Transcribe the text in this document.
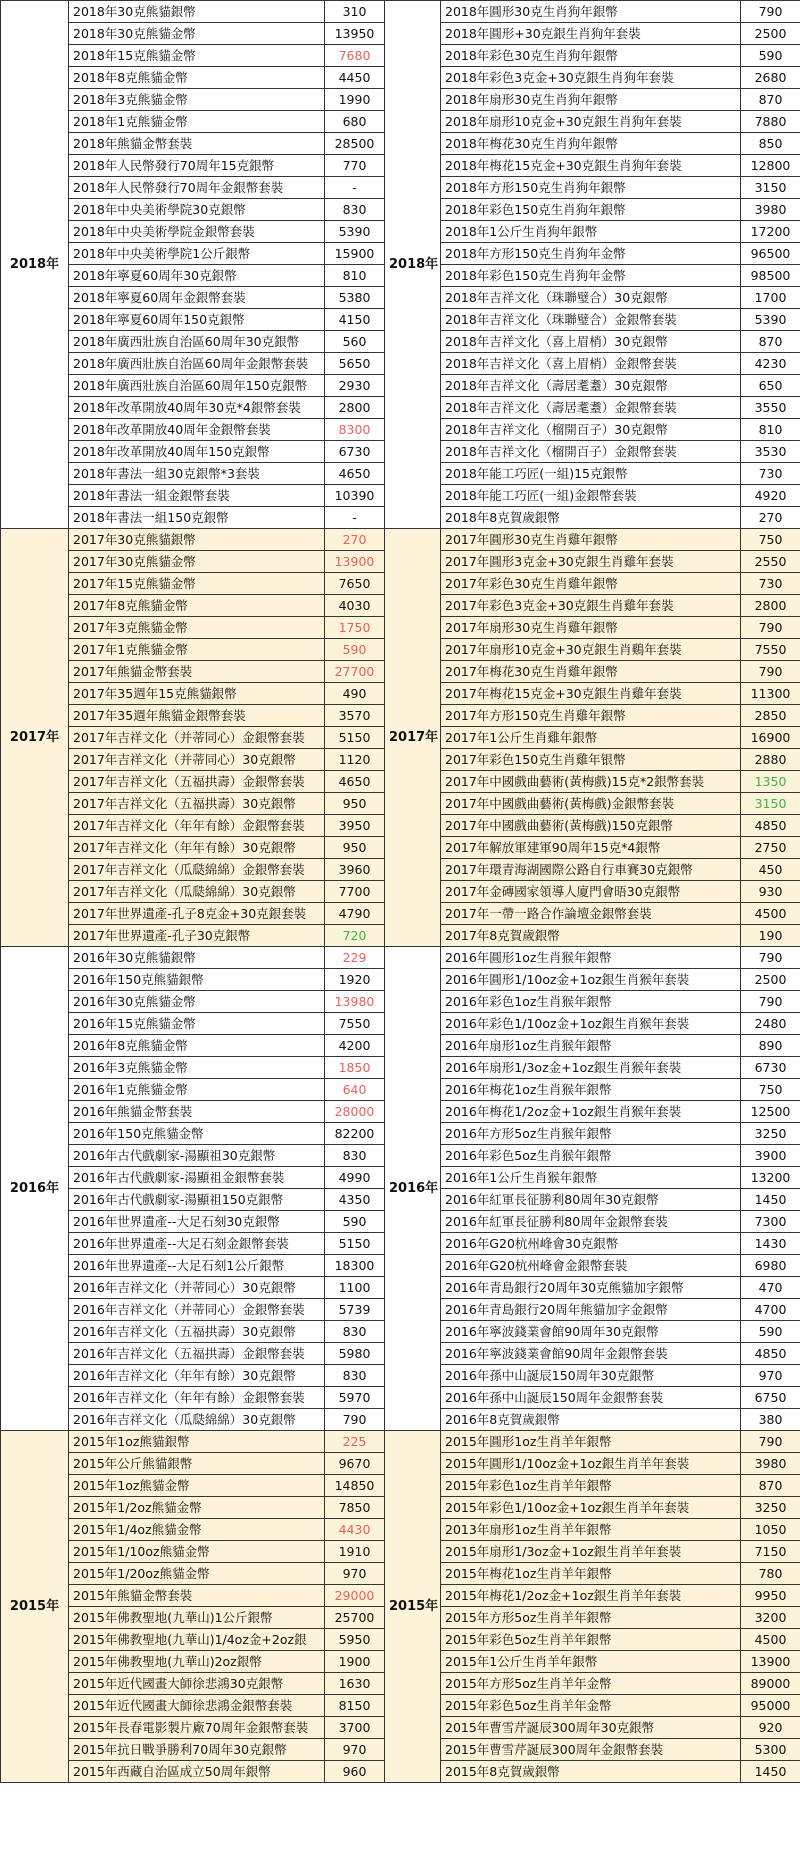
2018年	2018年30克熊貓銀幣	310	2018年	2018年圓形30克生肖狗年銀幣	790
	2018年30克熊貓金幣	13950		2018年圓形+30克銀生肖狗年套裝	2500
	2018年15克熊貓金幣	7680		2018年彩色30克生肖狗年銀幣	590
	2018年8克熊貓金幣	4450		2018年彩色3克金+30克銀生肖狗年套裝	2680
	2018年3克熊貓金幣	1990		2018年扇形30克生肖狗年銀幣	870
	2018年1克熊貓金幣	680		2018年扇形10克金+30克銀生肖狗年套裝	7880
	2018年熊貓金幣套裝	28500		2018年梅花30克生肖狗年銀幣	850
	2018年人民幣發行70周年15克銀幣	770		2018年梅花15克金+30克銀生肖狗年套裝	12800
	2018年人民幣發行70周年金銀幣套裝	-		2018年方形150克生肖狗年銀幣	3150
	2018年中央美術學院30克銀幣	830		2018年彩色150克生肖狗年銀幣	3980
	2018年中央美術學院金銀幣套裝	5390		2018年1公斤生肖狗年銀幣	17200
	2018年中央美術學院1公斤銀幣	15900		2018年方形150克生肖狗年金幣	96500
	2018年寧夏60周年30克銀幣	810		2018年彩色150克生肖狗年金幣	98500
	2018年寧夏60周年金銀幣套裝	5380		2018年吉祥文化（珠聯璧合）30克銀幣	1700
	2018年寧夏60周年150克銀幣	4150		2018年吉祥文化（珠聯璧合）金銀幣套裝	5390
	2018年廣西壯族自治區60周年30克銀幣	560		2018年吉祥文化（喜上眉梢）30克銀幣	870
	2018年廣西壯族自治區60周年金銀幣套裝	5650		2018年吉祥文化（喜上眉梢）金銀幣套裝	4230
	2018年廣西壯族自治區60周年150克銀幣	2930		2018年吉祥文化（壽居耄耋）30克銀幣	650
	2018年改革開放40周年30克*4銀幣套裝	2800		2018年吉祥文化（壽居耄耋）金銀幣套裝	3550
	2018年改革開放40周年金銀幣套裝	8300		2018年吉祥文化（榴開百子）30克銀幣	810
	2018年改革開放40周年150克銀幣	6730		2018年吉祥文化（榴開百子）金銀幣套裝	3530
	2018年書法一組30克銀幣*3套裝	4650		2018年能工巧匠(一組)15克銀幣	730
	2018年書法一組金銀幣套裝	10390		2018年能工巧匠(一組)金銀幣套裝	4920
	2018年書法一組150克銀幣	-		2018年8克賀歲銀幣	270
2017年	2017年30克熊貓銀幣	270	2017年	2017年圓形30克生肖雞年銀幣	750
	2017年30克熊貓金幣	13900		2017年圓形3克金+30克銀生肖雞年套裝	2550
	2017年15克熊貓金幣	7650		2017年彩色30克生肖雞年銀幣	730
	2017年8克熊貓金幣	4030		2017年彩色3克金+30克銀生肖雞年套裝	2800
	2017年3克熊貓金幣	1750		2017年扇形30克生肖雞年銀幣	790
	2017年1克熊貓金幣	590		2017年扇形10克金+30克銀生肖鷄年套裝	7550
	2017年熊貓金幣套裝	27700		2017年梅花30克生肖雞年銀幣	790
	2017年35週年15克熊貓銀幣	490		2017年梅花15克金+30克銀生肖雞年套裝	11300
	2017年35週年熊貓金銀幣套裝	3570		2017年方形150克生肖雞年銀幣	2850
	2017年吉祥文化（并蒂同心）金銀幣套裝	5150		2017年1公斤生肖雞年銀幣	16900
	2017年吉祥文化（并蒂同心）30克銀幣	1120		2017年彩色150克生肖雞年银幣	2880
	2017年吉祥文化（五福拱壽）金銀幣套裝	4650		2017年中國戲曲藝術(黃梅戲)15克*2銀幣套裝	1350
	2017年吉祥文化（五福拱壽）30克銀幣	950		2017年中國戲曲藝術(黃梅戲)金銀幣套裝	3150
	2017年吉祥文化（年年有餘）金銀幣套裝	3950		2017年中國戲曲藝術(黃梅戲)150克銀幣	4850
	2017年吉祥文化（年年有餘）30克銀幣	950		2017年解放軍建軍90周年15克*4銀幣	2750
	2017年吉祥文化（瓜瓞綿綿）金銀幣套裝	3960		2017年環青海湖國際公路自行車賽30克銀幣	450
	2017年吉祥文化（瓜瓞綿綿）30克銀幣	7700		2017年金磚國家領導人廈門會晤30克銀幣	930
	2017年世界遺產-孔子8克金+30克銀套裝	4790		2017年一帶一路合作論壇金銀幣套裝	4500
	2017年世界遺產-孔子30克銀幣	720		2017年8克賀歲銀幣	190
2016年	2016年30克熊貓銀幣	229	2016年	2016年圓形1oz生肖猴年銀幣	790
	2016年150克熊貓銀幣	1920		2016年圓形1/10oz金+1oz銀生肖猴年套裝	2500
	2016年30克熊貓金幣	13980		2016年彩色1oz生肖猴年銀幣	790
	2016年15克熊貓金幣	7550		2016年彩色1/10oz金+1oz銀生肖猴年套裝	2480
	2016年8克熊貓金幣	4200		2016年扇形1oz生肖猴年銀幣	890
	2016年3克熊貓金幣	1850		2016年扇形1/3oz金+1oz銀生肖猴年套裝	6730
	2016年1克熊貓金幣	640		2016年梅花1oz生肖猴年銀幣	750
	2016年熊貓金幣套裝	28000		2016年梅花1/2oz金+1oz銀生肖猴年套裝	12500
	2016年150克熊貓金幣	82200		2016年方形5oz生肖猴年銀幣	3250
	2016年古代戲劇家-湯顯祖30克銀幣	830		2016年彩色5oz生肖猴年銀幣	3900
	2016年古代戲劇家-湯顯祖金銀幣套裝	4990		2016年1公斤生肖猴年銀幣	13200
	2016年古代戲劇家-湯顯祖150克銀幣	4350		2016年紅軍長征勝利80周年30克銀幣	1450
	2016年世界遺產--大足石刻30克銀幣	590		2016年紅軍長征勝利80周年金銀幣套裝	7300
	2016年世界遺產--大足石刻金銀幣套裝	5150		2016年G20杭州峰會30克銀幣	1430
	2016年世界遺產--大足石刻1公斤銀幣	18300		2016年G20杭州峰會金銀幣套裝	6980
	2016年吉祥文化（并蒂同心）30克銀幣	1100		2016年青島銀行20周年30克熊貓加字銀幣	470
	2016年吉祥文化（并蒂同心）金銀幣套裝	5739		2016年青島銀行20周年熊貓加字金銀幣	4700
	2016年吉祥文化（五福拱壽）30克銀幣	830		2016年寧波錢業會館90周年30克銀幣	590
	2016年吉祥文化（五福拱壽）金銀幣套裝	5980		2016年寧波錢業會館90周年金銀幣套裝	4850
	2016年吉祥文化（年年有餘）30克銀幣	830		2016年孫中山誕辰150周年30克銀幣	970
	2016年吉祥文化（年年有餘）金銀幣套裝	5970		2016年孫中山誕辰150周年金銀幣套裝	6750
	2016年吉祥文化（瓜瓞綿綿）30克銀幣	790		2016年8克賀歲銀幣	380
2015年	2015年1oz熊貓銀幣	225	2015年	2015年圓形1oz生肖羊年銀幣	790
	2015年公斤熊貓銀幣	9670		2015年圓形1/10oz金+1oz銀生肖羊年套裝	3980
	2015年1oz熊貓金幣	14850		2015年彩色1oz生肖羊年銀幣	870
	2015年1/2oz熊貓金幣	7850		2015年彩色1/10oz金+1oz銀生肖羊年套裝	3250
	2015年1/4oz熊貓金幣	4430		2013年扇形1oz生肖羊年銀幣	1050
	2015年1/10oz熊貓金幣	1910		2015年扇形1/3oz金+1oz銀生肖羊年套裝	7150
	2015年1/20oz熊貓金幣	970		2015年梅花1oz生肖羊年銀幣	780
	2015年熊貓金幣套裝	29000		2015年梅花1/2oz金+1oz銀生肖羊年套裝	9950
	2015年佛教聖地(九華山)1公斤銀幣	25700		2015年方形5oz生肖羊年銀幣	3200
	2015年佛教聖地(九華山)1/4oz金+2oz銀	5950		2015年彩色5oz生肖羊年銀幣	4500
	2015年佛教聖地(九華山)2oz銀幣	1900		2015年1公斤生肖羊年銀幣	13900
	2015年近代國畫大師徐悲鴻30克銀幣	1630		2015年方形5oz生肖羊年金幣	89000
	2015年近代國畫大師徐悲鴻金銀幣套裝	8150		2015年彩色5oz生肖羊年金幣	95000
	2015年長春電影製片廠70周年金銀幣套裝	3700		2015年曹雪芹誕辰300周年30克銀幣	920
	2015年抗日戰爭勝利70周年30克銀幣	970		2015年曹雪芹誕辰300周年金銀幣套裝	5300
	2015年西藏自治區成立50周年銀幣	960		2015年8克賀歲銀幣	1450
